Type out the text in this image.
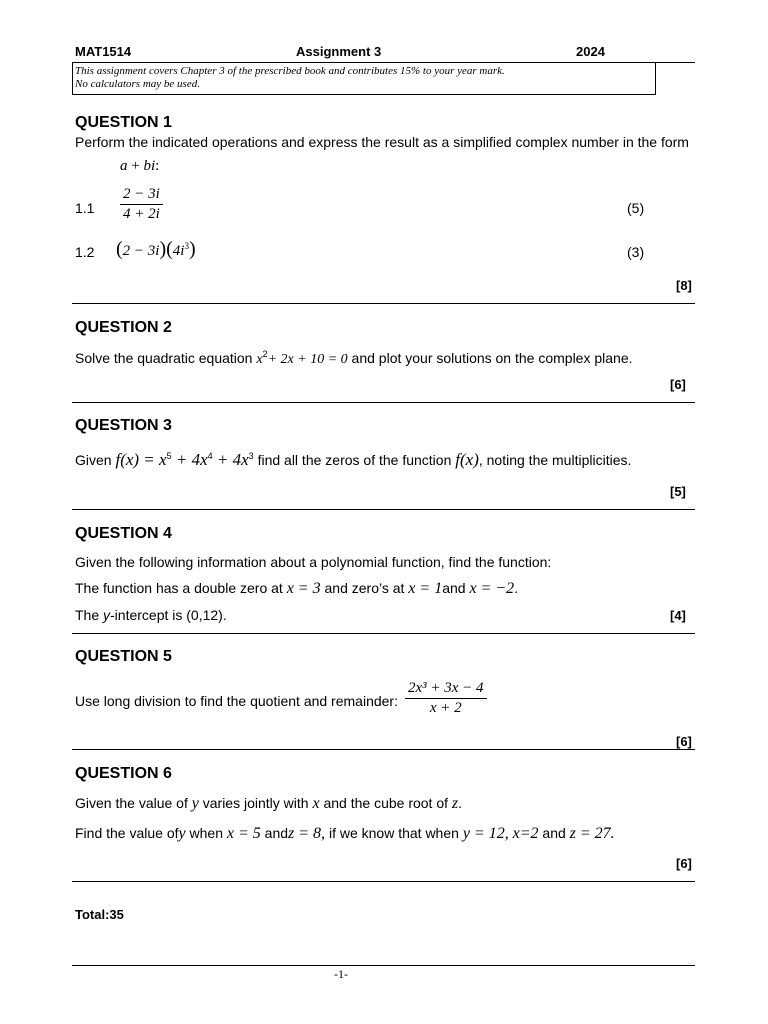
MAT1514	Assignment 3	2024
This assignment covers Chapter 3 of the prescribed book and contributes 15% to your year mark.
No calculators may be used.
QUESTION 1
Perform the indicated operations and express the result as a simplified complex number in the form
a + bi:
$1.1 \frac{2 - 3i}{4 + 2i}$	(5)
1.2 $(2 - 3i)(4i^3)$	(3)
[8]
QUESTION 2
Solve the quadratic equation $x^2+ 2x + 10 = 0$ and plot your solutions on the complex plane.
[6]
QUESTION 3
Given $f(x) = x^5 + 4x^4 + 4x^3$ find all the zeros of the function f(x), noting the multiplicities.
[5]
QUESTION 4
Given the following information about a polynomial function, find the function:
The function has a double zero at x = 3 and zero’s at x = 1and x = −2.
The y-intercept is (0,12).	[4]
QUESTION 5
Use long division to find the quotient and remainder: $\frac{\text{2x³ + 3x − 4}}{x + 2}$
[6]
QUESTION 6
Given the value of y varies jointly with x and the cube root of z.
Find the value ofy when x = 5 andz = 8, if we know that when y = 12, x=2 and z = 27.
[6]
Total:35
-1-
